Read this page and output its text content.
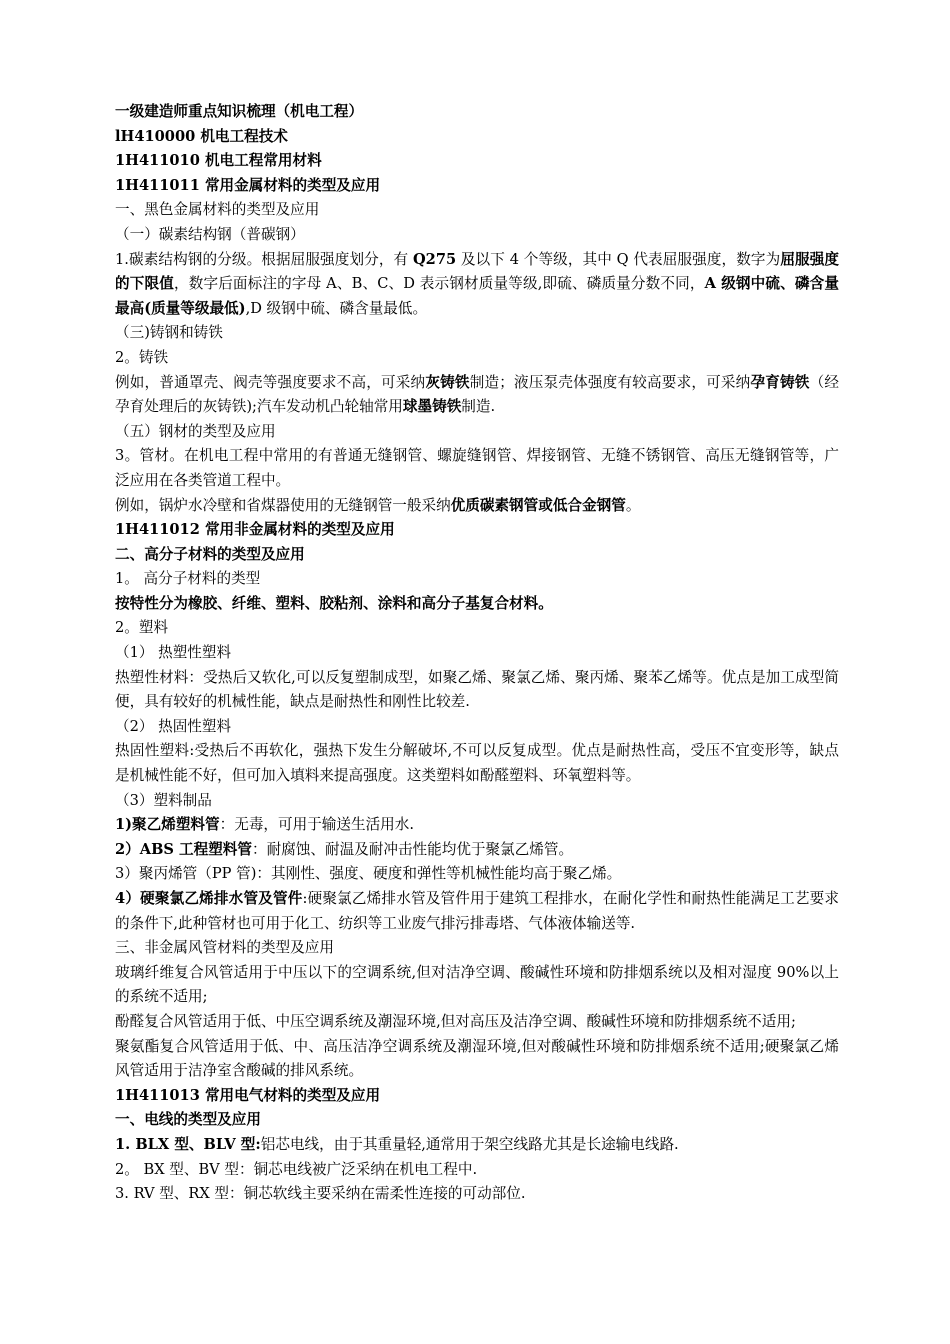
一级建造师重点知识梳理（机电工程）

lH410000 机电工程技术

1H411010 机电工程常用材料

1H411011 常用金属材料的类型及应用

一、黑色金属材料的类型及应用

（一）碳素结构钢（普碳钢）

1.碳素结构钢的分级。根据屈服强度划分，有 Q275 及以下 4 个等级，其中 Q 代表屈服强度，数字为屈服强度的下限值，数字后面标注的字母 A、B、C、D 表示钢材质量等级,即硫、磷质量分数不同，A 级钢中硫、磷含量最高(质量等级最低),D 级钢中硫、磷含量最低。

（三)铸钢和铸铁

2。铸铁

例如，普通罩壳、阀壳等强度要求不高，可采纳灰铸铁制造；液压泵壳体强度有较高要求，可采纳孕育铸铁（经孕育处理后的灰铸铁);汽车发动机凸轮轴常用球墨铸铁制造.

（五）钢材的类型及应用

3。管材。在机电工程中常用的有普通无缝钢管、螺旋缝钢管、焊接钢管、无缝不锈钢管、高压无缝钢管等，广泛应用在各类管道工程中。

例如，锅炉水冷壁和省煤器使用的无缝钢管一般采纳优质碳素钢管或低合金钢管。

1H411012 常用非金属材料的类型及应用

二、高分子材料的类型及应用

1。 高分子材料的类型

按特性分为橡胶、纤维、塑料、胶粘剂、涂料和高分子基复合材料。

2。塑料

（1） 热塑性塑料

热塑性材料：受热后又软化,可以反复塑制成型，如聚乙烯、聚氯乙烯、聚丙烯、聚苯乙烯等。优点是加工成型简便，具有较好的机械性能，缺点是耐热性和刚性比较差.

（2） 热固性塑料

热固性塑料:受热后不再软化，强热下发生分解破坏,不可以反复成型。优点是耐热性高，受压不宜变形等，缺点是机械性能不好，但可加入填料来提高强度。这类塑料如酚醛塑料、环氧塑料等。

（3）塑料制品

1)聚乙烯塑料管：无毒，可用于输送生活用水.

2）ABS 工程塑料管：耐腐蚀、耐温及耐冲击性能均优于聚氯乙烯管。

3）聚丙烯管（PP 管)：其刚性、强度、硬度和弹性等机械性能均高于聚乙烯。

4）硬聚氯乙烯排水管及管件:硬聚氯乙烯排水管及管件用于建筑工程排水，在耐化学性和耐热性能满足工艺要求的条件下,此种管材也可用于化工、纺织等工业废气排污排毒塔、气体液体输送等.

三、非金属风管材料的类型及应用

玻璃纤维复合风管适用于中压以下的空调系统,但对洁净空调、酸碱性环境和防排烟系统以及相对湿度 90%以上的系统不适用;

酚醛复合风管适用于低、中压空调系统及潮湿环境,但对高压及洁净空调、酸碱性环境和防排烟系统不适用;

聚氨酯复合风管适用于低、中、高压洁净空调系统及潮湿环境,但对酸碱性环境和防排烟系统不适用;硬聚氯乙烯风管适用于洁净室含酸碱的排风系统。

1H411013 常用电气材料的类型及应用

一、电线的类型及应用

1. BLX 型、BLV 型:铝芯电线，由于其重量轻,通常用于架空线路尤其是长途输电线路.

2。 BX 型、BV 型：铜芯电线被广泛采纳在机电工程中.

3. RV 型、RX 型：铜芯软线主要采纳在需柔性连接的可动部位.
